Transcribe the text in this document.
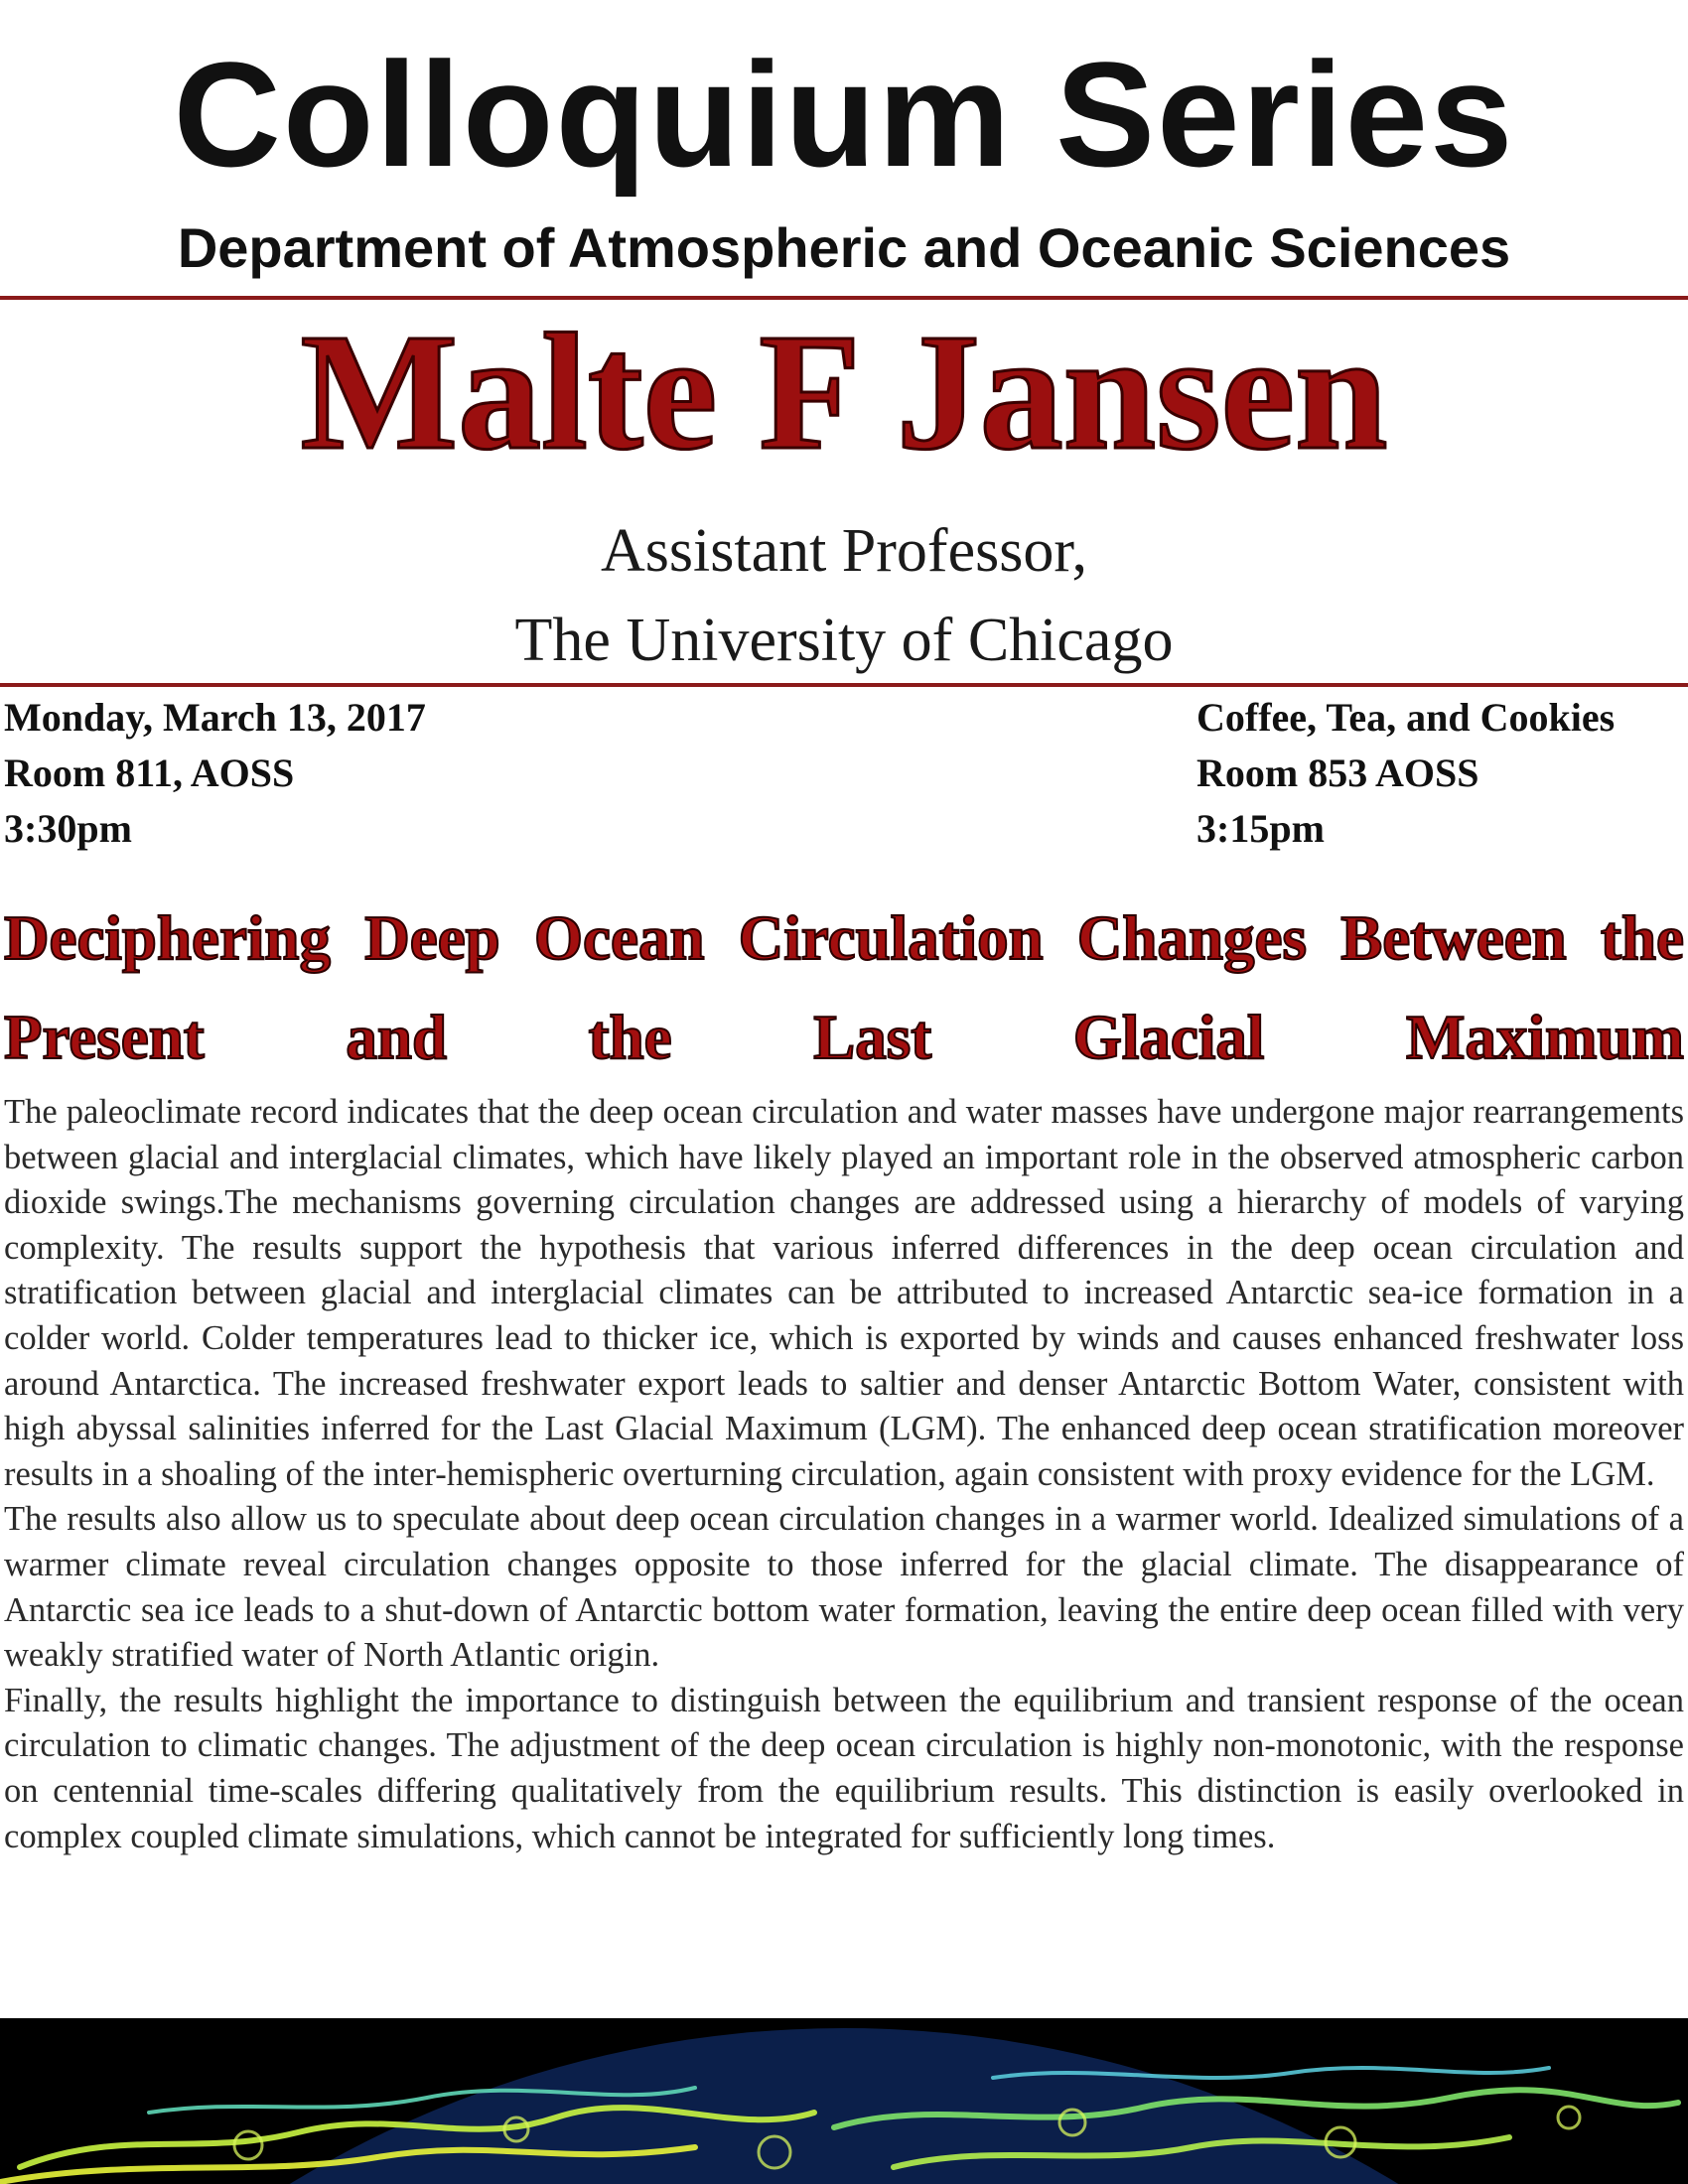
Colloquium Series
Department of Atmospheric and Oceanic Sciences
Malte F Jansen
Assistant Professor,
The University of Chicago
Monday, March 13, 2017
Room 811, AOSS
3:30pm
Coffee, Tea, and Cookies
Room 853 AOSS
3:15pm
Deciphering Deep Ocean Circulation Changes Between the Present and the Last Glacial Maximum

The paleoclimate record indicates that the deep ocean circulation and water masses have undergone major rearrangements between glacial and interglacial climates, which have likely played an important role in the observed atmospheric carbon dioxide swings.The mechanisms governing circulation changes are addressed using a hierarchy of models of varying complexity. The results support the hypothesis that various inferred differences in the deep ocean circulation and stratification between glacial and interglacial climates can be attributed to increased Antarctic sea-ice formation in a colder world. Colder temperatures lead to thicker ice, which is exported by winds and causes enhanced freshwater loss around Antarctica. The increased freshwater export leads to saltier and denser Antarctic Bottom Water, consistent with high abyssal salinities inferred for the Last Glacial Maximum (LGM). The enhanced deep ocean stratification moreover results in a shoaling of the inter-hemispheric overturning circulation, again consistent with proxy evidence for the LGM.

The results also allow us to speculate about deep ocean circulation changes in a warmer world. Idealized simulations of a warmer climate reveal circulation changes opposite to those inferred for the glacial climate. The disappearance of Antarctic sea ice leads to a shut-down of Antarctic bottom water formation, leaving the entire deep ocean filled with very weakly stratified water of North Atlantic origin.

Finally, the results highlight the importance to distinguish between the equilibrium and transient response of the ocean circulation to climatic changes. The adjustment of the deep ocean circulation is highly non-monotonic, with the response on centennial time-scales differing qualitatively from the equilibrium results. This distinction is easily overlooked in complex coupled climate simulations, which cannot be integrated for sufficiently long times.
